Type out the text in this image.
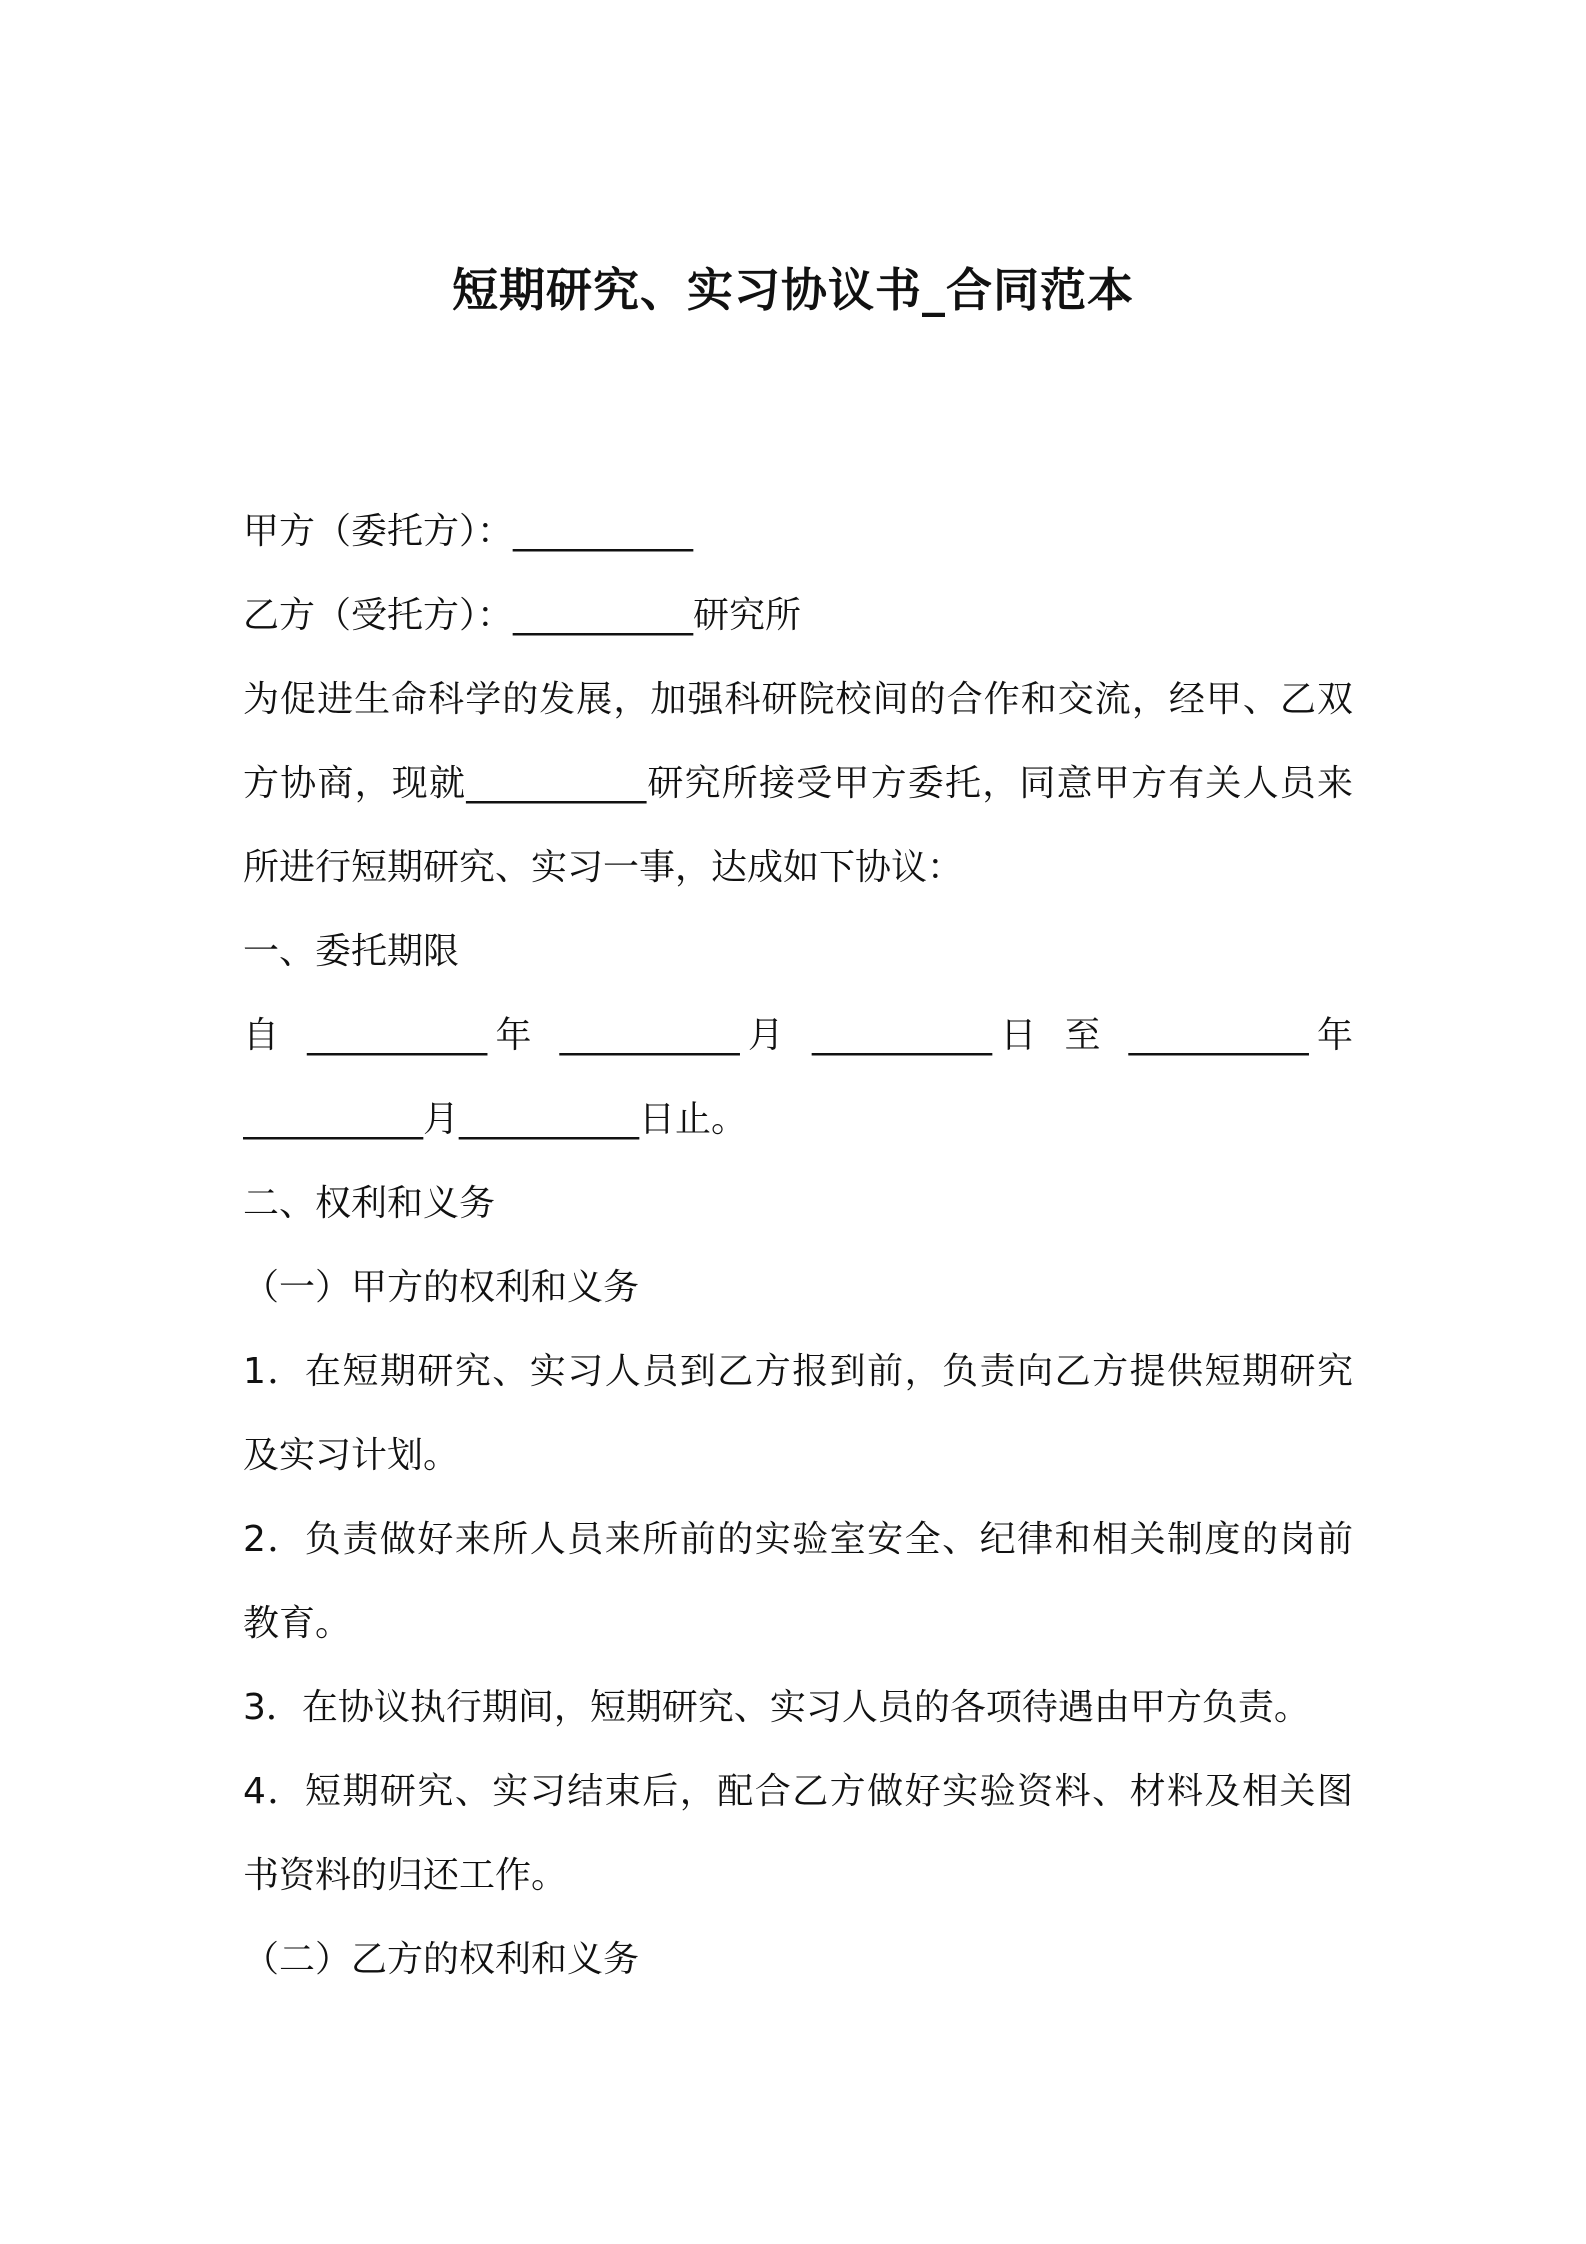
短期研究、实习协议书_合同范本
甲方（委托方）：__________
乙方（受托方）：__________研究所
为促进生命科学的发展，加强科研院校间的合作和交流，经甲、乙双
方协商，现就__________研究所接受甲方委托，同意甲方有关人员来
所进行短期研究、实习一事，达成如下协议：
一、委托期限
自 __________年 __________月 __________日 至 __________年
__________月__________日止。
二、权利和义务
（一）甲方的权利和义务
1．在短期研究、实习人员到乙方报到前，负责向乙方提供短期研究
及实习计划。
2．负责做好来所人员来所前的实验室安全、纪律和相关制度的岗前
教育。
3．在协议执行期间，短期研究、实习人员的各项待遇由甲方负责。
4．短期研究、实习结束后，配合乙方做好实验资料、材料及相关图
书资料的归还工作。
（二）乙方的权利和义务
